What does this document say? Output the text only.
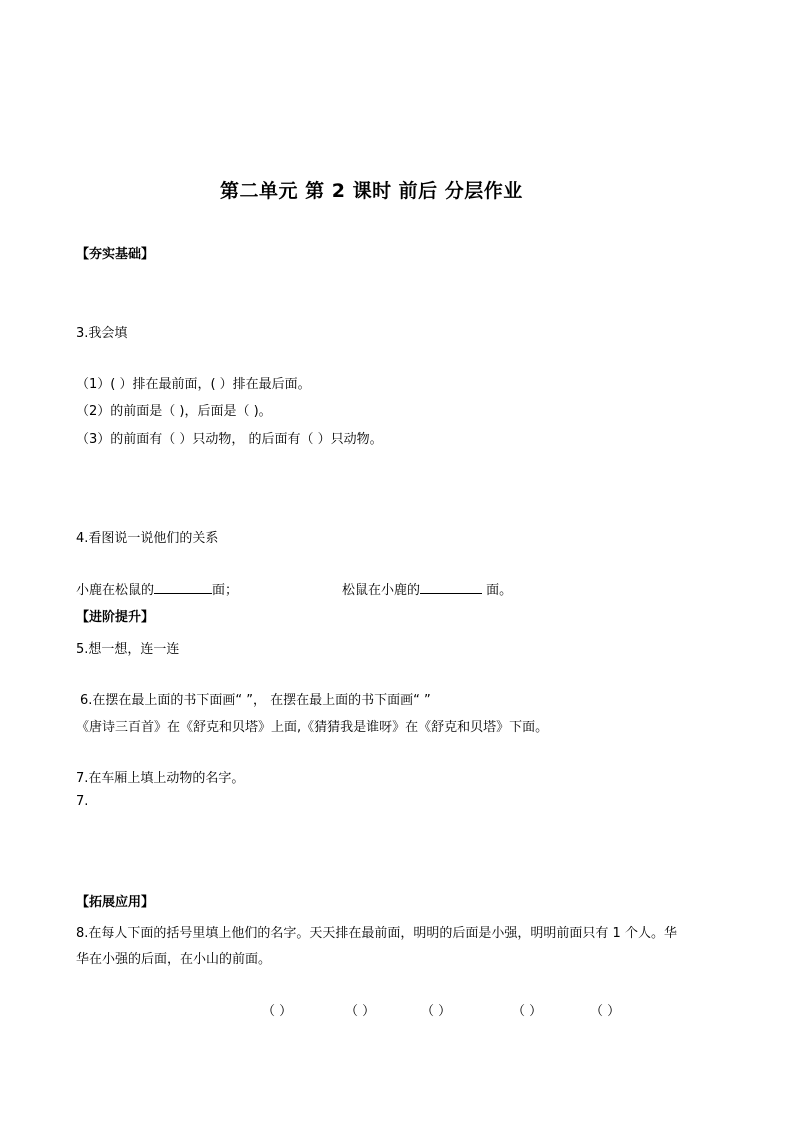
第二单元 第 2 课时 前后 分层作业
【夯实基础】
3.我会填
（1）( ）排在最前面，( ）排在最后面。
（2）的前面是（ )，后面是（ )。
（3）的前面有（ ）只动物， 的后面有（ ）只动物。
4.看图说一说他们的关系
小鹿在松鼠的	面；	松鼠在小鹿的	面。
【进阶提升】
5.想一想，连一连
6.在摆在最上面的书下面画“ ”， 在摆在最上面的书下面画“ ”
《唐诗三百首》在《舒克和贝塔》上面,《猜猜我是谁呀》在《舒克和贝塔》下面。
7.在车厢上填上动物的名字。
7.
【拓展应用】
8.在每人下面的括号里填上他们的名字。天天排在最前面，明明的后面是小强，明明前面只有 1 个人。华
华在小强的后面，在小山的前面。
（ ）	（ ）	（ ）	（ ）	（ ）
